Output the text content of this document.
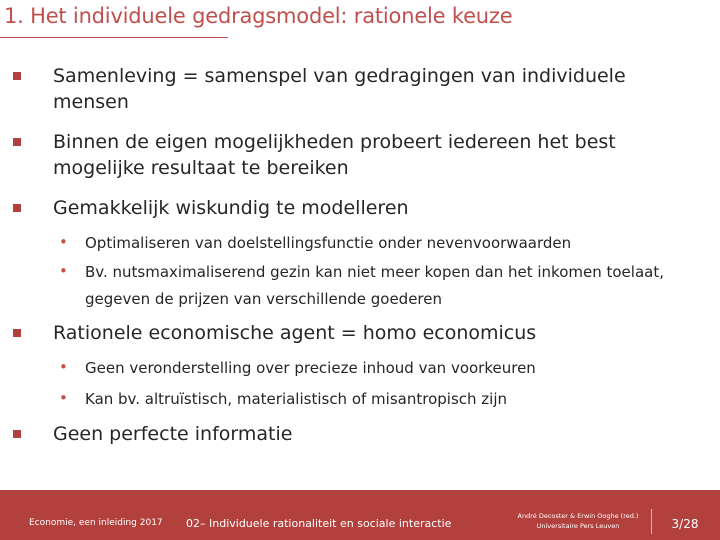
1. Het individuele gedragsmodel: rationele keuze
Samenleving = samenspel van gedragingen van individuele mensen
Binnen de eigen mogelijkheden probeert iedereen het best mogelijke resultaat te bereiken
Gemakkelijk wiskundig te modelleren
• Optimaliseren van doelstellingsfunctie onder nevenvoorwaarden
• Bv. nutsmaximaliserend gezin kan niet meer kopen dan het inkomen toelaat, gegeven de prijzen van verschillende goederen
Rationele economische agent = homo economicus
• Geen veronderstelling over precieze inhoud van voorkeuren
• Kan bv. altruïstisch, materialistisch of misantropisch zijn
Geen perfecte informatie
Economie, een inleiding 2017 02– Individuele rationaliteit en sociale interactie
André Decoster & Erwin Ooghe (red.)
Universitaire Pers Leuven	3/28
